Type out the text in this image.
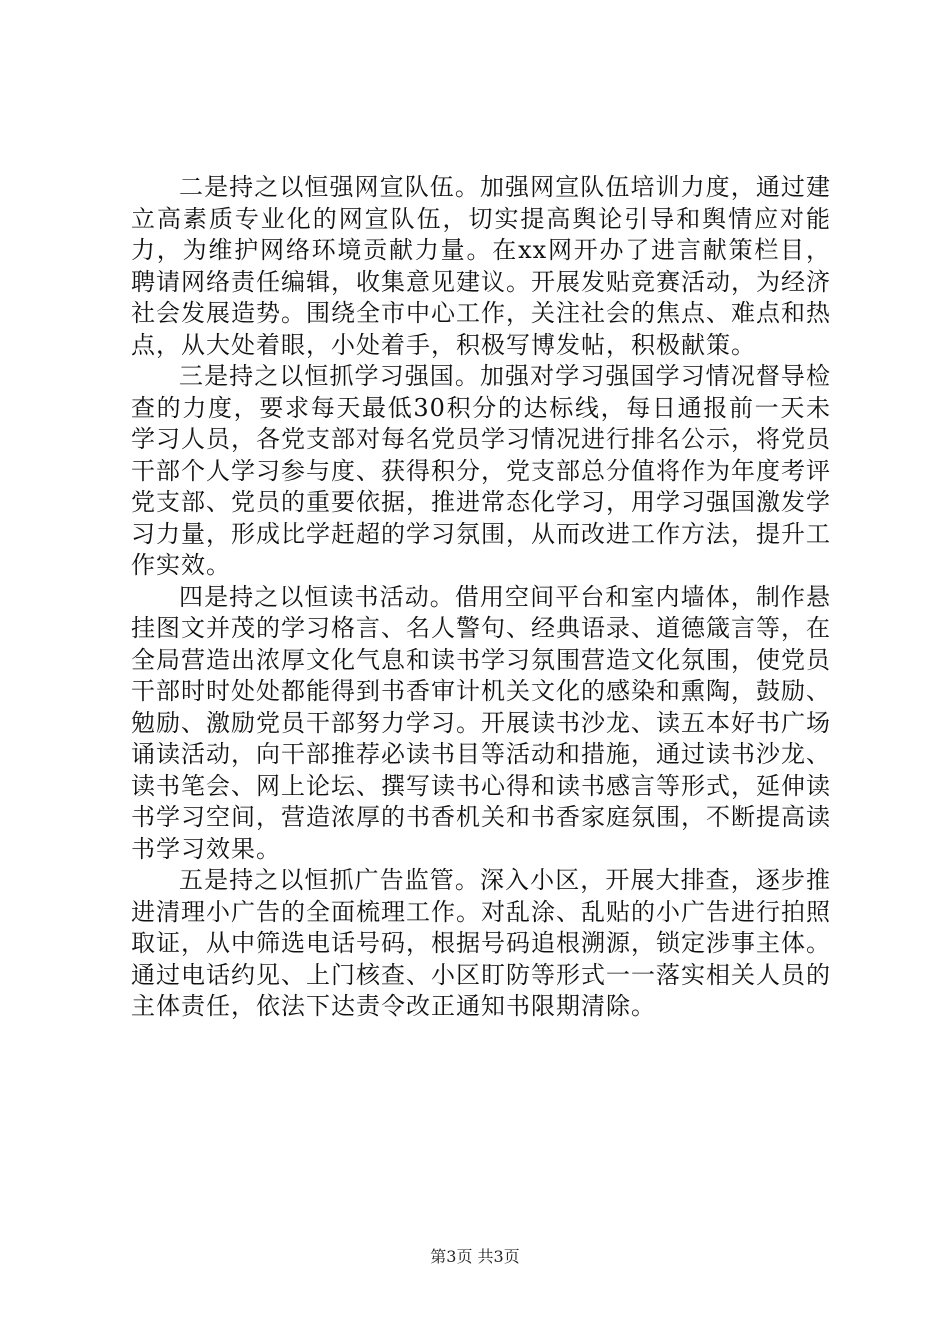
二是持之以恒强网宣队伍。加强网宣队伍培训力度，通过建立高素质专业化的网宣队伍，切实提高舆论引导和舆情应对能力，为维护网络环境贡献力量。在xx网开办了进言献策栏目，聘请网络责任编辑，收集意见建议。开展发贴竞赛活动，为经济社会发展造势。围绕全市中心工作，关注社会的焦点、难点和热点，从大处着眼，小处着手，积极写博发帖，积极献策。

三是持之以恒抓学习强国。加强对学习强国学习情况督导检查的力度，要求每天最低30积分的达标线，每日通报前一天未学习人员，各党支部对每名党员学习情况进行排名公示，将党员干部个人学习参与度、获得积分，党支部总分值将作为年度考评党支部、党员的重要依据，推进常态化学习，用学习强国激发学习力量，形成比学赶超的学习氛围，从而改进工作方法，提升工作实效。

四是持之以恒读书活动。借用空间平台和室内墙体，制作悬挂图文并茂的学习格言、名人警句、经典语录、道德箴言等，在全局营造出浓厚文化气息和读书学习氛围营造文化氛围，使党员干部时时处处都能得到书香审计机关文化的感染和熏陶，鼓励、勉励、激励党员干部努力学习。开展读书沙龙、读五本好书广场诵读活动，向干部推荐必读书目等活动和措施，通过读书沙龙、读书笔会、网上论坛、撰写读书心得和读书感言等形式，延伸读书学习空间，营造浓厚的书香机关和书香家庭氛围，不断提高读书学习效果。

五是持之以恒抓广告监管。深入小区，开展大排查，逐步推进清理小广告的全面梳理工作。对乱涂、乱贴的小广告进行拍照取证，从中筛选电话号码，根据号码追根溯源，锁定涉事主体。通过电话约见、上门核查、小区盯防等形式一一落实相关人员的主体责任，依法下达责令改正通知书限期清除。

第3页 共3页
